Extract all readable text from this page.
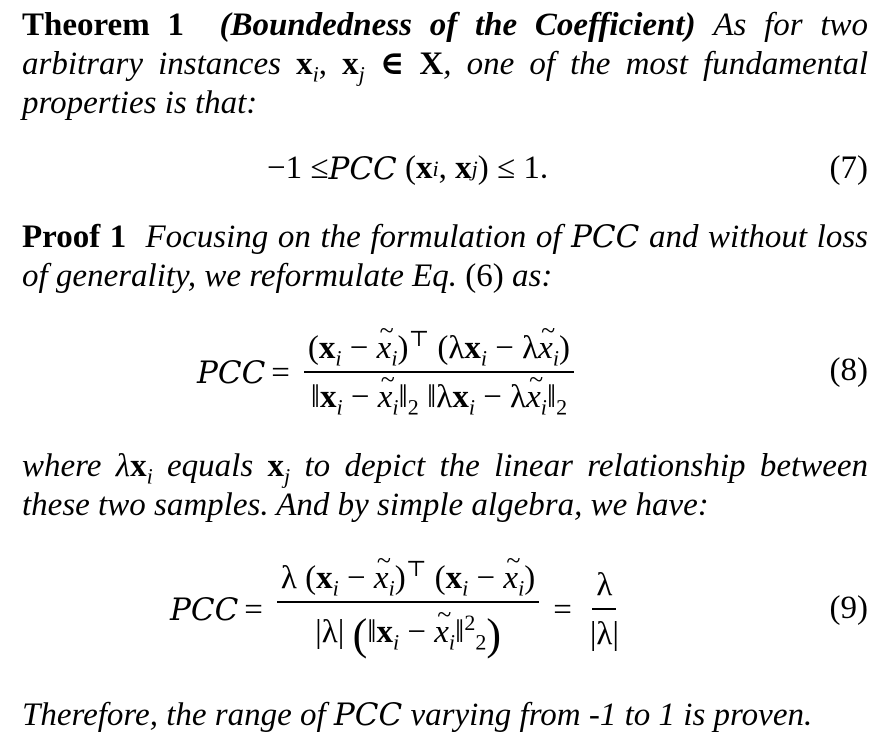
Theorem 1 (Boundedness of the Coefficient) As for two arbitrary instances $x_i$, $x_j$ ∈ X, one of the most fundamental properties is that:
−1 ≤ PCC ( x i , x j ) ≤ 1.	(7)
Proof 1 Focusing on the formulation of PCC and without loss of generality, we reformulate Eq. (6) as:
PCC = $\frac{(x_i - \sim x_i)^⊤ (\lambda x_i - \lambda\sim x_i)}{‖x_i - \sim x_i‖_2 ‖\lambda x_i - \lambda\sim x_i‖_2}$	(8)
where $\lambda x_i$ equals $x_j$ to depict the linear relationship between these two samples. And by simple algebra, we have:
PCC = $\frac{\lambda (x_i - \sim x_i)^⊤ (x_i - \sim x_i)}{|\lambda| (‖x_i - \sim x_i‖^2_2)} = \frac{\lambda}{|\lambda|}$	(9)
Therefore, the range of PCC varying from -1 to 1 is proven.
